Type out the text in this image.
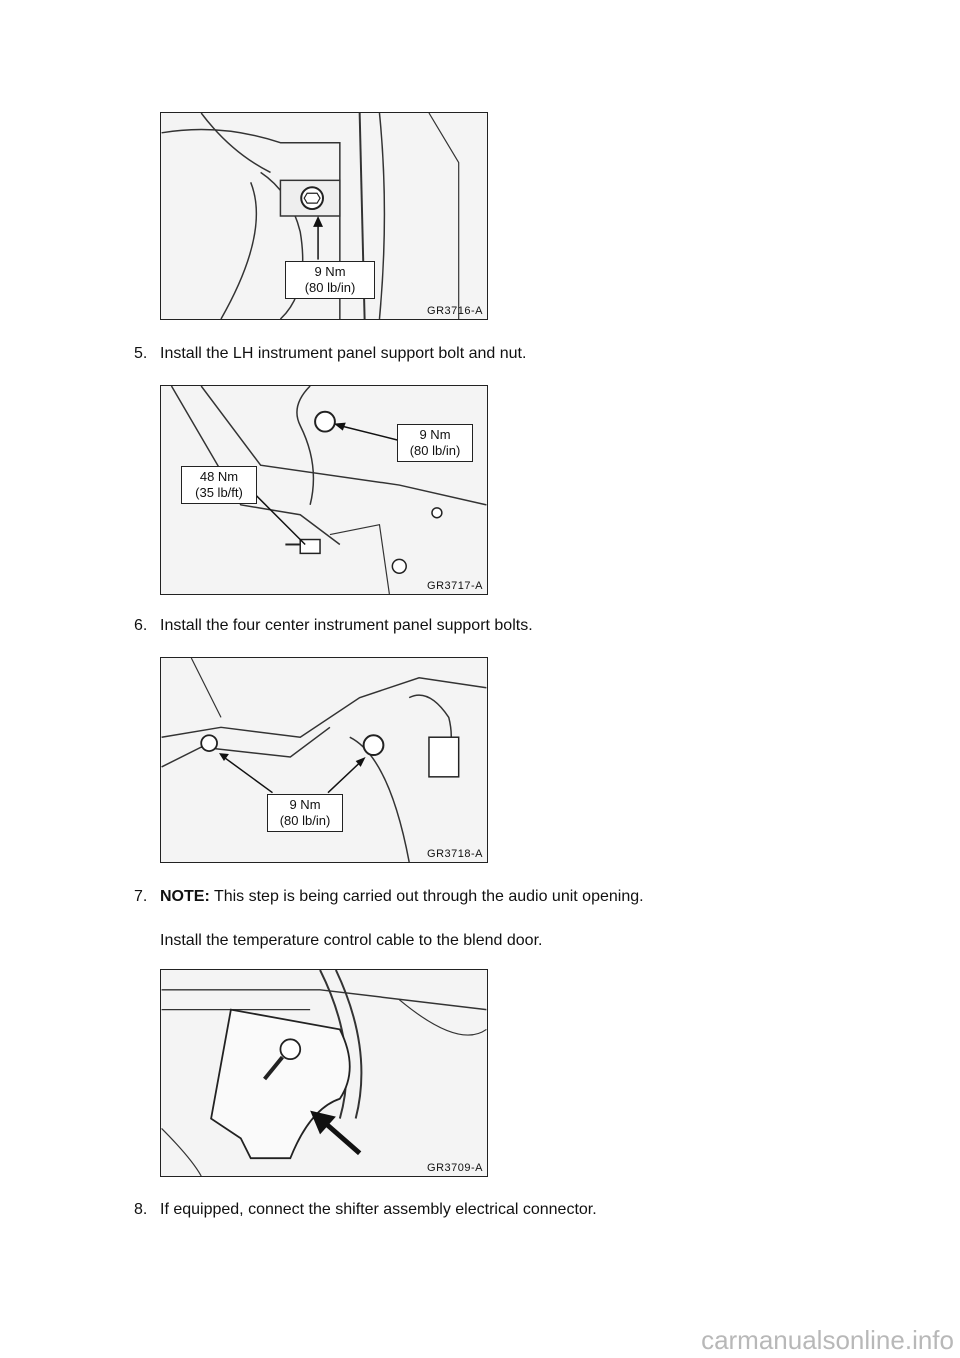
9 Nm
(80 lb/in)
GR3716-A
5. Install the LH instrument panel support bolt and nut.
9 Nm
(80 lb/in)
48 Nm
(35 lb/ft)
GR3717-A
6. Install the four center instrument panel support bolts.
9 Nm
(80 lb/in)
GR3718-A
7. NOTE: This step is being carried out through the audio unit opening.
Install the temperature control cable to the blend door.
GR3709-A
8. If equipped, connect the shifter assembly electrical connector.
carmanualsonline.info
